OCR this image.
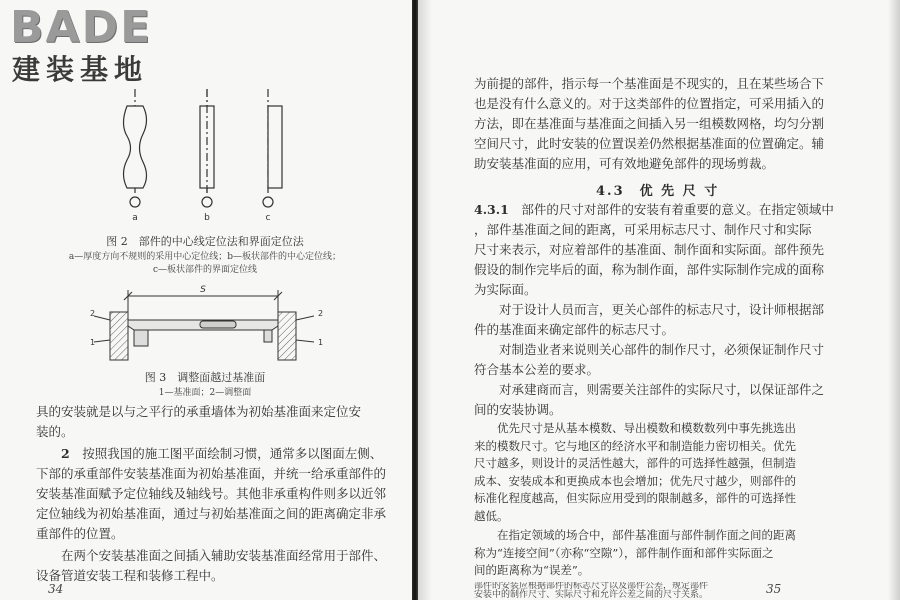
BADE
建装基地
a	b	c
图 2　部件的中心线定位法和界面定位法
a—厚度方向不规则的采用中心定位线；b—板状部件的中心定位线；
c—板状部件的界面定位线
S
2
1
2
1
图 3　调整面越过基准面
1—基准面；2—调整面
具的安装就是以与之平行的承重墙体为初始基准面来定位安
装的。
2　 按照我国的施工图平面绘制习惯，通常多以图面左侧、
下部的承重部件安装基准面为初始基准面，并统一给承重部件的
安装基准面赋予定位轴线及轴线号。其他非承重构件则多以近邻
定位轴线为初始基准面，通过与初始基准面之间的距离确定非承
重部件的位置。
在两个安装基准面之间插入辅助安装基准面经常用于部件、
设备管道安装工程和装修工程中。
34
为前提的部件，指示每一个基准面是不现实的，且在某些场合下
也是没有什么意义的。对于这类部件的位置指定，可采用插入的
方法，即在基准面与基准面之间插入另一组模数网格，均匀分割
空间尺寸，此时安装的位置误差仍然根据基准面的位置确定。辅
助安装基准面的应用，可有效地避免部件的现场剪裁。
4.3　优 先 尺 寸
4.3.1　 部件的尺寸对部件的安装有着重要的意义。在指定领域中
，部件基准面之间的距离，可采用标志尺寸、制作尺寸和实际
尺寸来表示，对应着部件的基准面、制作面和实际面。部件预先
假设的制作完毕后的面，称为制作面，部件实际制作完成的面称
为实际面。
对于设计人员而言，更关心部件的标志尺寸，设计师根据部
件的基准面来确定部件的标志尺寸。
对制造业者来说则关心部件的制作尺寸，必须保证制作尺寸
符合基本公差的要求。
对承建商而言，则需要关注部件的实际尺寸，以保证部件之
间的安装协调。
优先尺寸是从基本模数、导出模数和模数数列中事先挑选出
来的模数尺寸。它与地区的经济水平和制造能力密切相关。优先
尺寸越多，则设计的灵活性越大，部件的可选择性越强，但制造
成本、安装成本和更换成本也会增加；优先尺寸越少，则部件的
标准化程度越高，但实际应用受到的限制越多，部件的可选择性
越低。
在指定领域的场合中，部件基准面与部件制作面之间的距离
称为“连接空间”（亦称“空隙”），部件制作面和部件实际面之
间的距离称为“误差”。
35
部件的安装应根据部件的标志尺寸以及部件公差，规定部件
安装中的制作尺寸、实际尺寸和允许公差之间的尺寸关系。
